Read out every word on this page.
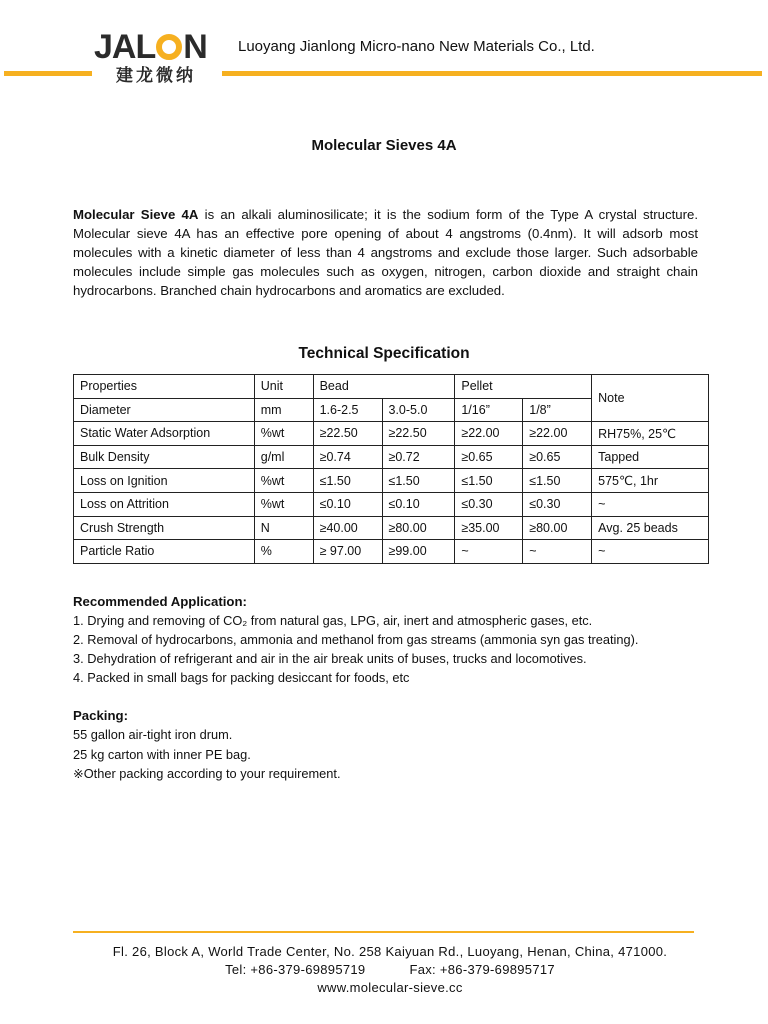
JAL N
建龙微纳
Luoyang Jianlong Micro-nano New Materials Co., Ltd.
Molecular Sieves 4A

Molecular Sieve 4A is an alkali aluminosilicate; it is the sodium form of the Type A crystal structure. Molecular sieve 4A has an effective pore opening of about 4 angstroms (0.4nm). It will adsorb most molecules with a kinetic diameter of less than 4 angstroms and exclude those larger. Such adsorbable molecules include simple gas molecules such as oxygen, nitrogen, carbon dioxide and straight chain hydrocarbons. Branched chain hydrocarbons and aromatics are excluded.

Technical Specification
Properties	Unit	Bead		Pellet		Note
Diameter	mm	1.6-2.5	3.0-5.0	1/16”	1/8”	
Static Water Adsorption	%wt	≥22.50	≥22.50	≥22.00	≥22.00	RH75%, 25℃
Bulk Density	g/ml	≥0.74	≥0.72	≥0.65	≥0.65	Tapped
Loss on Ignition	%wt	≤1.50	≤1.50	≤1.50	≤1.50	575℃, 1hr
Loss on Attrition	%wt	≤0.10	≤0.10	≤0.30	≤0.30	~
Crush Strength	N	≥40.00	≥80.00	≥35.00	≥80.00	Avg. 25 beads
Particle Ratio	%	≥ 97.00	≥99.00	~	~	~

Recommended Application:

1. Drying and removing of CO₂ from natural gas, LPG, air, inert and atmospheric gases, etc.

2. Removal of hydrocarbons, ammonia and methanol from gas streams (ammonia syn gas treating).

3. Dehydration of refrigerant and air in the air break units of buses, trucks and locomotives.

4. Packed in small bags for packing desiccant for foods, etc

Packing:

55 gallon air-tight iron drum.

25 kg carton with inner PE bag.

※Other packing according to your requirement.

Fl. 26, Block A, World Trade Center, No. 258 Kaiyuan Rd., Luoyang, Henan, China, 471000.

Tel: +86-379-69895719	Fax: +86-379-69895717

www.molecular-sieve.cc
